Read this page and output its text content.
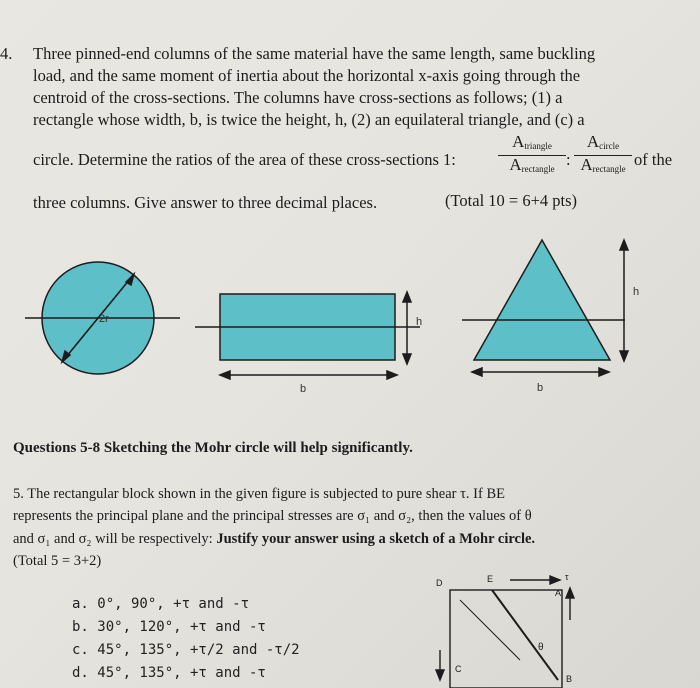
4. Three pinned-end columns of the same material have the same length, same buckling
load, and the same moment of inertia about the horizontal x-axis going through the
centroid of the cross-sections. The columns have cross-sections as follows; (1) a
rectangle whose width, b, is twice the height, h, (2) an equilateral triangle, and (c) a
circle. Determine the ratios of the area of these cross-sections 1:
$A_{triangle}$
$A_{rectangle}$ :
$A_{circle}$
$A_{rectangle}$ of the
three columns. Give answer to three decimal places.	(Total 10 = 6+4 pts)
2r	h
b
h
b
Questions 5-8 Sketching the Mohr circle will help significantly.
5. The rectangular block shown in the given figure is subjected to pure shear τ. If BE
represents the principal plane and the principal stresses are σ₁ and σ₂, then the values of θ
and σ₁ and σ₂ will be respectively: Justify your answer using a sketch of a Mohr circle.
(Total 5 = 3+2)
a. 0°, 90°, +τ and -τ
b. 30°, 120°, +τ and -τ
c. 45°, 135°, +τ/2 and -τ/2
d. 45°, 135°, +τ and -τ
D	E
A
τ
θ
C
B
